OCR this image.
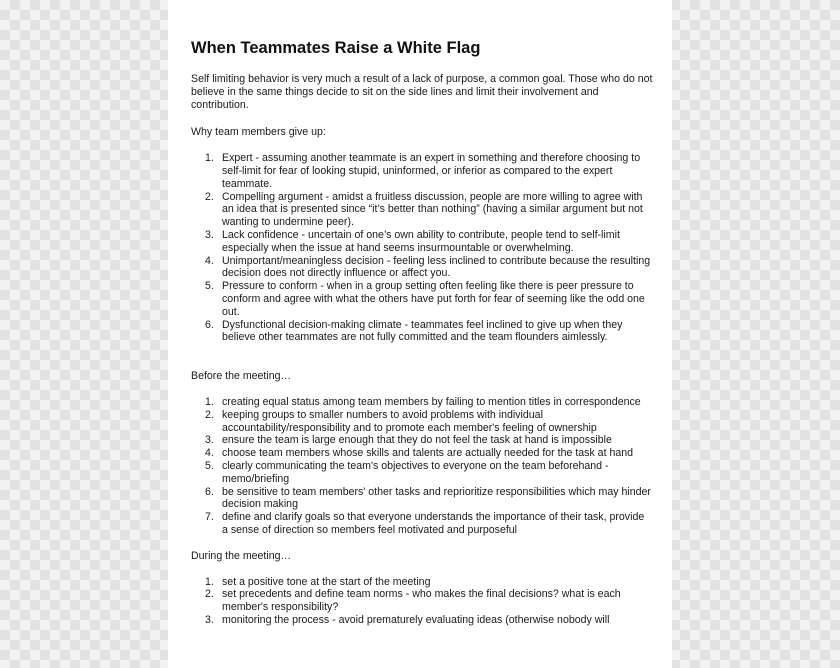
When Teammates Raise a White Flag

Self limiting behavior is very much a result of a lack of purpose, a common goal. Those who do not believe in the same things decide to sit on the side lines and limit their involvement and contribution.

Why team members give up:

1. Expert - assuming another teammate is an expert in something and therefore choosing to self-limit for fear of looking stupid, uninformed, or inferior as compared to the expert teammate.
2. Compelling argument - amidst a fruitless discussion, people are more willing to agree with an idea that is presented since “it’s better than nothing” (having a similar argument but not wanting to undermine peer).
3. Lack confidence - uncertain of one’s own ability to contribute, people tend to self-limit especially when the issue at hand seems insurmountable or overwhelming.
4. Unimportant/meaningless decision - feeling less inclined to contribute because the resulting decision does not directly influence or affect you.
5. Pressure to conform - when in a group setting often feeling like there is peer pressure to conform and agree with what the others have put forth for fear of seeming like the odd one out.
6. Dysfunctional decision-making climate - teammates feel inclined to give up when they believe other teammates are not fully committed and the team flounders aimlessly.

Before the meeting…

1. creating equal status among team members by failing to mention titles in correspondence
2. keeping groups to smaller numbers to avoid problems with individual accountability/responsibility and to promote each member's feeling of ownership
3. ensure the team is large enough that they do not feel the task at hand is impossible
4. choose team members whose skills and talents are actually needed for the task at hand
5. clearly communicating the team's objectives to everyone on the team beforehand - memo/briefing
6. be sensitive to team members' other tasks and reprioritize responsibilities which may hinder decision making
7. define and clarify goals so that everyone understands the importance of their task, provide a sense of direction so members feel motivated and purposeful

During the meeting…

1. set a positive tone at the start of the meeting
2. set precedents and define team norms - who makes the final decisions? what is each member's responsibility?
3. monitoring the process - avoid prematurely evaluating ideas (otherwise nobody will
